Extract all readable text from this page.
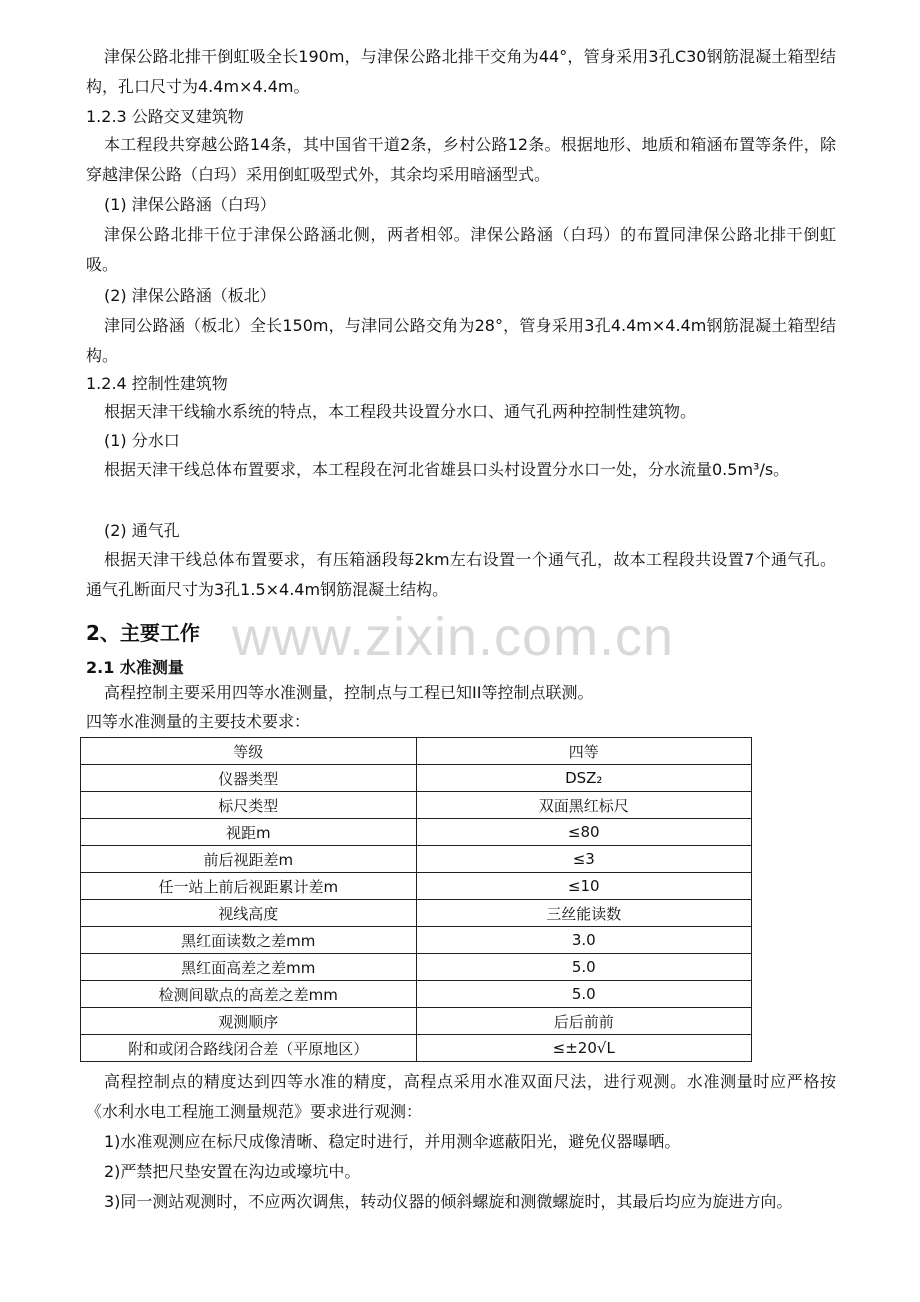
津保公路北排干倒虹吸全长190m，与津保公路北排干交角为44°，管身采用3孔C30钢筋混凝土箱型结构，孔口尺寸为4.4m×4.4m。

1.2.3 公路交叉建筑物

本工程段共穿越公路14条，其中国省干道2条，乡村公路12条。根据地形、地质和箱涵布置等条件，除穿越津保公路（白玛）采用倒虹吸型式外，其余均采用暗涵型式。

(1) 津保公路涵（白玛）

津保公路北排干位于津保公路涵北侧，两者相邻。津保公路涵（白玛）的布置同津保公路北排干倒虹吸。

(2) 津保公路涵（板北）

津同公路涵（板北）全长150m，与津同公路交角为28°，管身采用3孔4.4m×4.4m钢筋混凝土箱型结构。

1.2.4 控制性建筑物

根据天津干线输水系统的特点，本工程段共设置分水口、通气孔两种控制性建筑物。

(1) 分水口

根据天津干线总体布置要求，本工程段在河北省雄县口头村设置分水口一处，分水流量0.5m³/s。

(2) 通气孔

根据天津干线总体布置要求，有压箱涵段每2km左右设置一个通气孔，故本工程段共设置7个通气孔。通气孔断面尺寸为3孔1.5×4.4m钢筋混凝土结构。

www.zixin.com.cn

2、主要工作

2.1 水准测量

高程控制主要采用四等水准测量，控制点与工程已知II等控制点联测。

四等水准测量的主要技术要求：

等级	四等
仪器类型	DSZ₂
标尺类型	双面黑红标尺
视距m	≤80
前后视距差m	≤3
任一站上前后视距累计差m	≤10
视线高度	三丝能读数
黑红面读数之差mm	3.0
黑红面高差之差mm	5.0
检测间歇点的高差之差mm	5.0
观测顺序	后后前前
附和或闭合路线闭合差（平原地区）	≤±20√L

高程控制点的精度达到四等水准的精度，高程点采用水准双面尺法，进行观测。水准测量时应严格按《水利水电工程施工测量规范》要求进行观测：

1)水准观测应在标尺成像清晰、稳定时进行，并用测伞遮蔽阳光，避免仪器曝晒。

2)严禁把尺垫安置在沟边或壕坑中。

3)同一测站观测时，不应两次调焦，转动仪器的倾斜螺旋和测微螺旋时，其最后均应为旋进方向。
